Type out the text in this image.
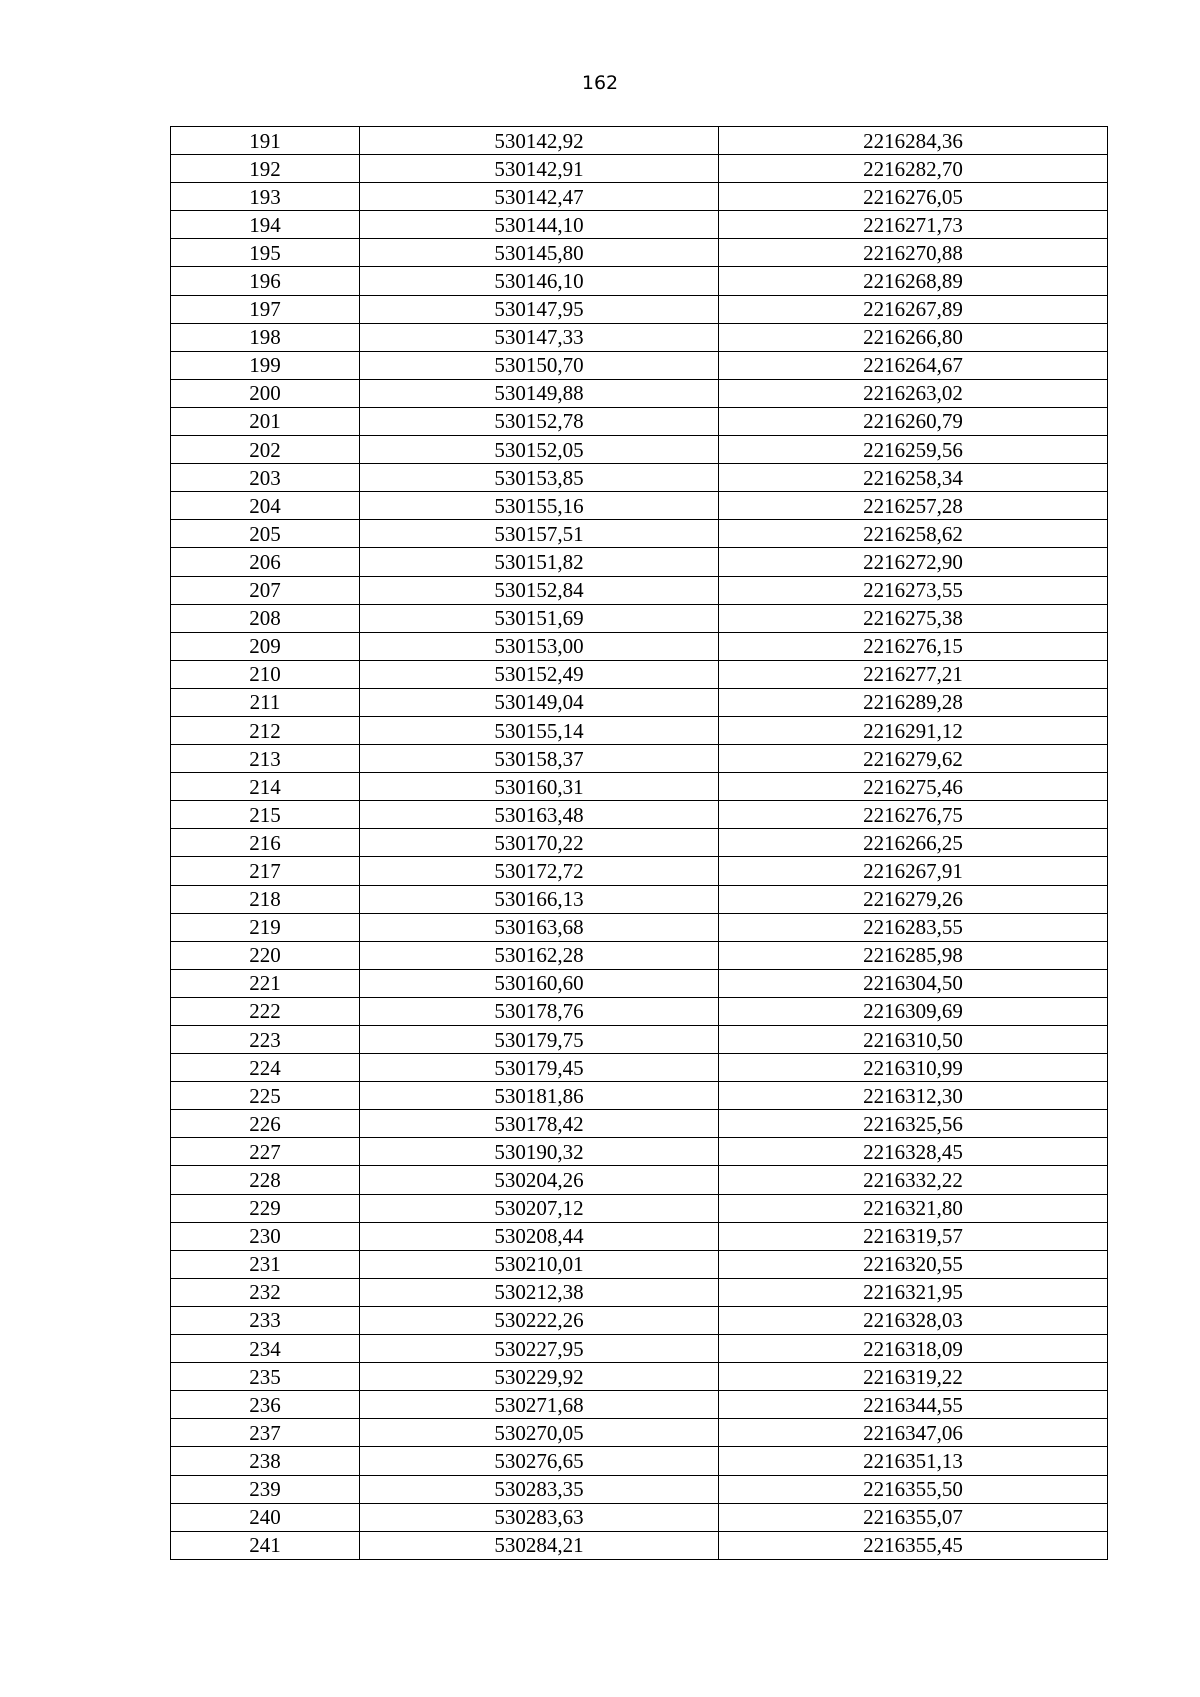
162
191	530142,92	2216284,36
192	530142,91	2216282,70
193	530142,47	2216276,05
194	530144,10	2216271,73
195	530145,80	2216270,88
196	530146,10	2216268,89
197	530147,95	2216267,89
198	530147,33	2216266,80
199	530150,70	2216264,67
200	530149,88	2216263,02
201	530152,78	2216260,79
202	530152,05	2216259,56
203	530153,85	2216258,34
204	530155,16	2216257,28
205	530157,51	2216258,62
206	530151,82	2216272,90
207	530152,84	2216273,55
208	530151,69	2216275,38
209	530153,00	2216276,15
210	530152,49	2216277,21
211	530149,04	2216289,28
212	530155,14	2216291,12
213	530158,37	2216279,62
214	530160,31	2216275,46
215	530163,48	2216276,75
216	530170,22	2216266,25
217	530172,72	2216267,91
218	530166,13	2216279,26
219	530163,68	2216283,55
220	530162,28	2216285,98
221	530160,60	2216304,50
222	530178,76	2216309,69
223	530179,75	2216310,50
224	530179,45	2216310,99
225	530181,86	2216312,30
226	530178,42	2216325,56
227	530190,32	2216328,45
228	530204,26	2216332,22
229	530207,12	2216321,80
230	530208,44	2216319,57
231	530210,01	2216320,55
232	530212,38	2216321,95
233	530222,26	2216328,03
234	530227,95	2216318,09
235	530229,92	2216319,22
236	530271,68	2216344,55
237	530270,05	2216347,06
238	530276,65	2216351,13
239	530283,35	2216355,50
240	530283,63	2216355,07
241	530284,21	2216355,45
